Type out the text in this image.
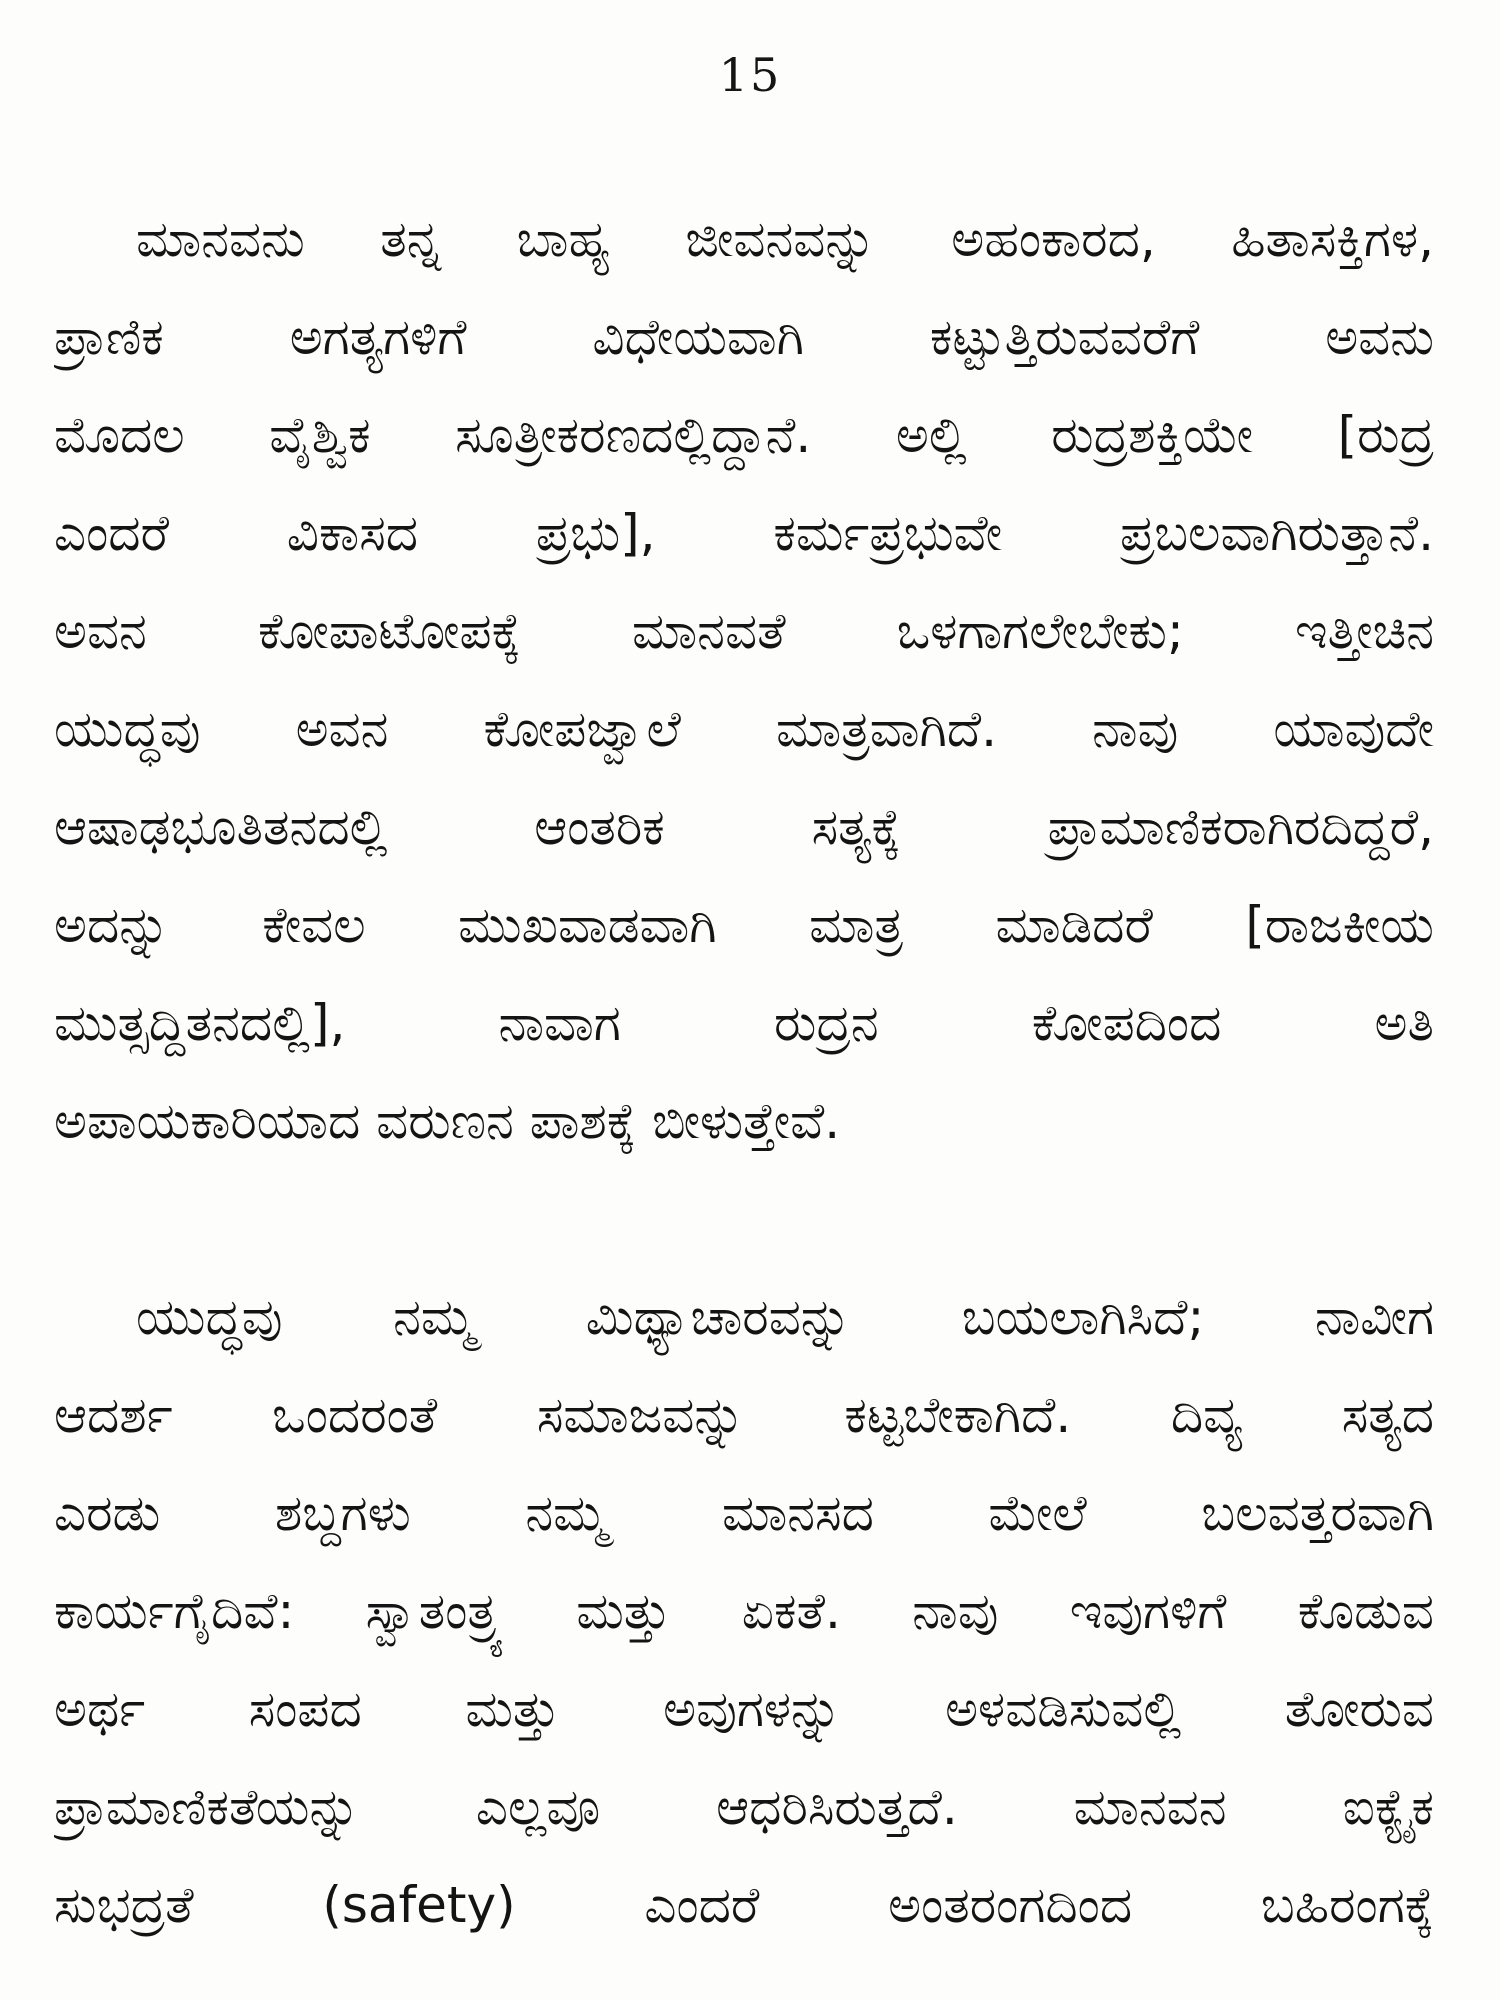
15
ಮಾನವನು ತನ್ನ ಬಾಹ್ಯ ಜೀವನವನ್ನು ಅಹಂಕಾರದ, ಹಿತಾಸಕ್ತಿಗಳ,
ಪ್ರಾಣಿಕ ಅಗತ್ಯಗಳಿಗೆ ವಿಧೇಯವಾಗಿ ಕಟ್ಟುತ್ತಿರುವವರೆಗೆ ಅವನು
ಮೊದಲ ವೈಶ್ವಿಕ ಸೂತ್ರೀಕರಣದಲ್ಲಿದ್ದಾನೆ. ಅಲ್ಲಿ ರುದ್ರಶಕ್ತಿಯೇ [ರುದ್ರ
ಎಂದರೆ ವಿಕಾಸದ ಪ್ರಭು], ಕರ್ಮಪ್ರಭುವೇ ಪ್ರಬಲವಾಗಿರುತ್ತಾನೆ.
ಅವನ ಕೋಪಾಟೋಪಕ್ಕೆ ಮಾನವತೆ ಒಳಗಾಗಲೇಬೇಕು; ಇತ್ತೀಚಿನ
ಯುದ್ಧವು ಅವನ ಕೋಪಜ್ವಾಲೆ ಮಾತ್ರವಾಗಿದೆ. ನಾವು ಯಾವುದೇ
ಆಷಾಢಭೂತಿತನದಲ್ಲಿ ಆಂತರಿಕ ಸತ್ಯಕ್ಕೆ ಪ್ರಾಮಾಣಿಕರಾಗಿರದಿದ್ದರೆ,
ಅದನ್ನು ಕೇವಲ ಮುಖವಾಡವಾಗಿ ಮಾತ್ರ ಮಾಡಿದರೆ [ರಾಜಕೀಯ
ಮುತ್ಸದ್ದಿತನದಲ್ಲಿ], ನಾವಾಗ ರುದ್ರನ ಕೋಪದಿಂದ ಅತಿ
ಅಪಾಯಕಾರಿಯಾದ ವರುಣನ ಪಾಶಕ್ಕೆ ಬೀಳುತ್ತೇವೆ.
ಯುದ್ಧವು ನಮ್ಮ ಮಿಥ್ಯಾಚಾರವನ್ನು ಬಯಲಾಗಿಸಿದೆ; ನಾವೀಗ
ಆದರ್ಶ ಒಂದರಂತೆ ಸಮಾಜವನ್ನು ಕಟ್ಟಬೇಕಾಗಿದೆ. ದಿವ್ಯ ಸತ್ಯದ
ಎರಡು ಶಬ್ದಗಳು ನಮ್ಮ ಮಾನಸದ ಮೇಲೆ ಬಲವತ್ತರವಾಗಿ
ಕಾರ್ಯಗೈದಿವೆ: ಸ್ವಾತಂತ್ರ್ಯ ಮತ್ತು ಏಕತೆ. ನಾವು ಇವುಗಳಿಗೆ ಕೊಡುವ
ಅರ್ಥ ಸಂಪದ ಮತ್ತು ಅವುಗಳನ್ನು ಅಳವಡಿಸುವಲ್ಲಿ ತೋರುವ
ಪ್ರಾಮಾಣಿಕತೆಯನ್ನು ಎಲ್ಲವೂ ಆಧರಿಸಿರುತ್ತದೆ. ಮಾನವನ ಐಕ್ಯೈಕ
ಸುಭದ್ರತೆ (safety) ಎಂದರೆ ಅಂತರಂಗದಿಂದ ಬಹಿರಂಗಕ್ಕೆ
